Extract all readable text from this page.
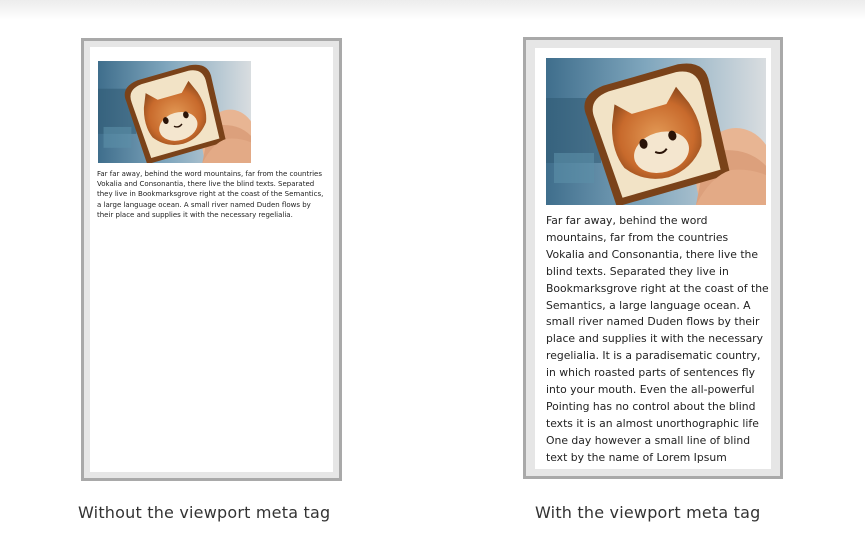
Far far away, behind the word mountains, far from the countries Vokalia and Consonantia, there live the blind texts. Separated they live in Bookmarksgrove right at the coast of the Semantics, a large language ocean. A small river named Duden flows by their place and supplies it with the necessary regelialia.	Far far away, behind the word mountains, far from the countries Vokalia and Consonantia, there live the blind texts. Separated they live in Bookmarksgrove right at the coast of the Semantics, a large language ocean. A small river named Duden flows by their place and supplies it with the necessary regelialia. It is a paradisematic country, in which roasted parts of sentences fly into your mouth. Even the all-powerful Pointing has no control about the blind texts it is an almost unorthographic life One day however a small line of blind text by the name of Lorem Ipsum

Without the viewport meta tag	With the viewport meta tag
